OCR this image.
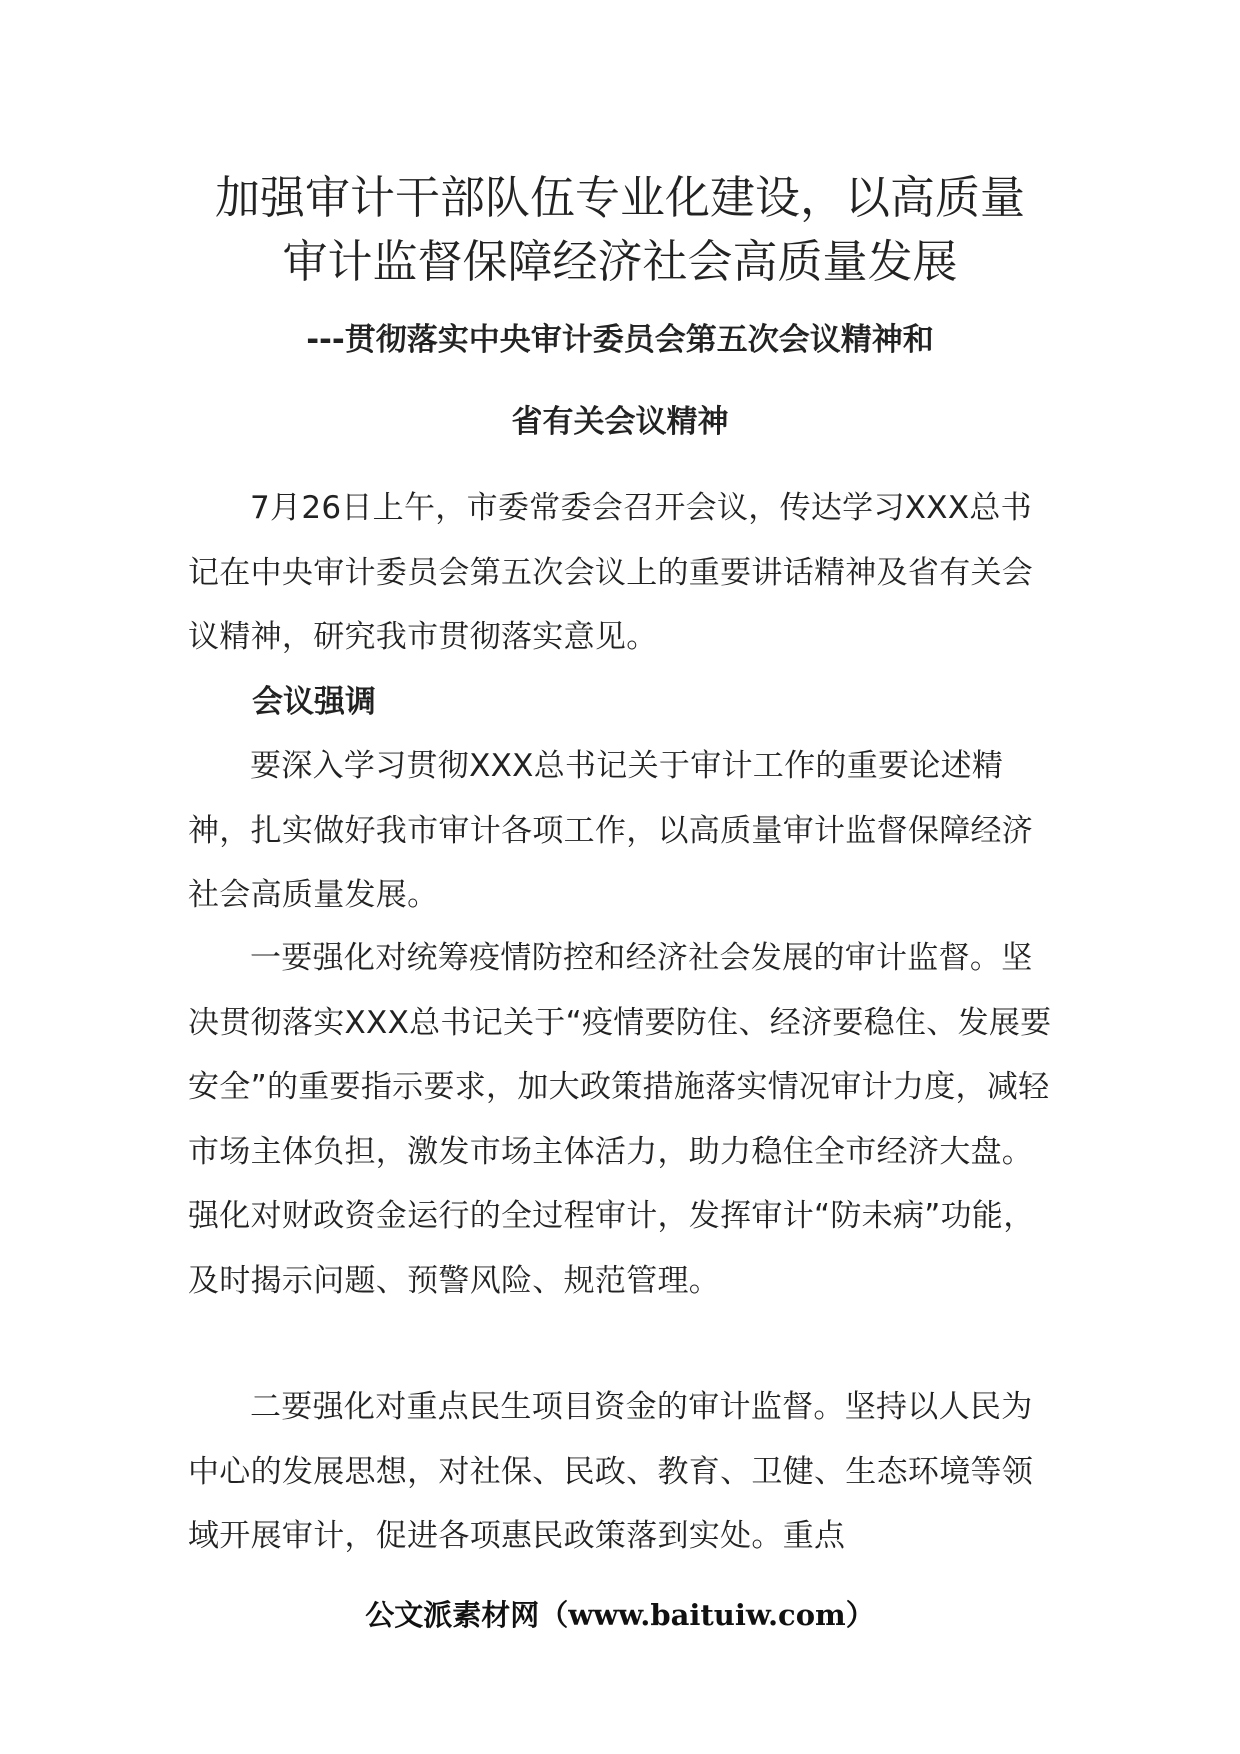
加强审计干部队伍专业化建设，以高质量
审计监督保障经济社会高质量发展
---贯彻落实中央审计委员会第五次会议精神和
省有关会议精神

7月26日上午，市委常委会召开会议，传达学习XXX总书记在中央审计委员会第五次会议上的重要讲话精神及省有关会议精神，研究我市贯彻落实意见。

会议强调

要深入学习贯彻XXX总书记关于审计工作的重要论述精神，扎实做好我市审计各项工作，以高质量审计监督保障经济社会高质量发展。

一要强化对统筹疫情防控和经济社会发展的审计监督。坚决贯彻落实XXX总书记关于“疫情要防住、经济要稳住、发展要安全”的重要指示要求，加大政策措施落实情况审计力度，减轻市场主体负担，激发市场主体活力，助力稳住全市经济大盘。强化对财政资金运行的全过程审计，发挥审计“防未病”功能，及时揭示问题、预警风险、规范管理。

二要强化对重点民生项目资金的审计监督。坚持以人民为中心的发展思想，对社保、民政、教育、卫健、生态环境等领域开展审计，促进各项惠民政策落到实处。重点

公文派素材网（www.baituiw.com）
